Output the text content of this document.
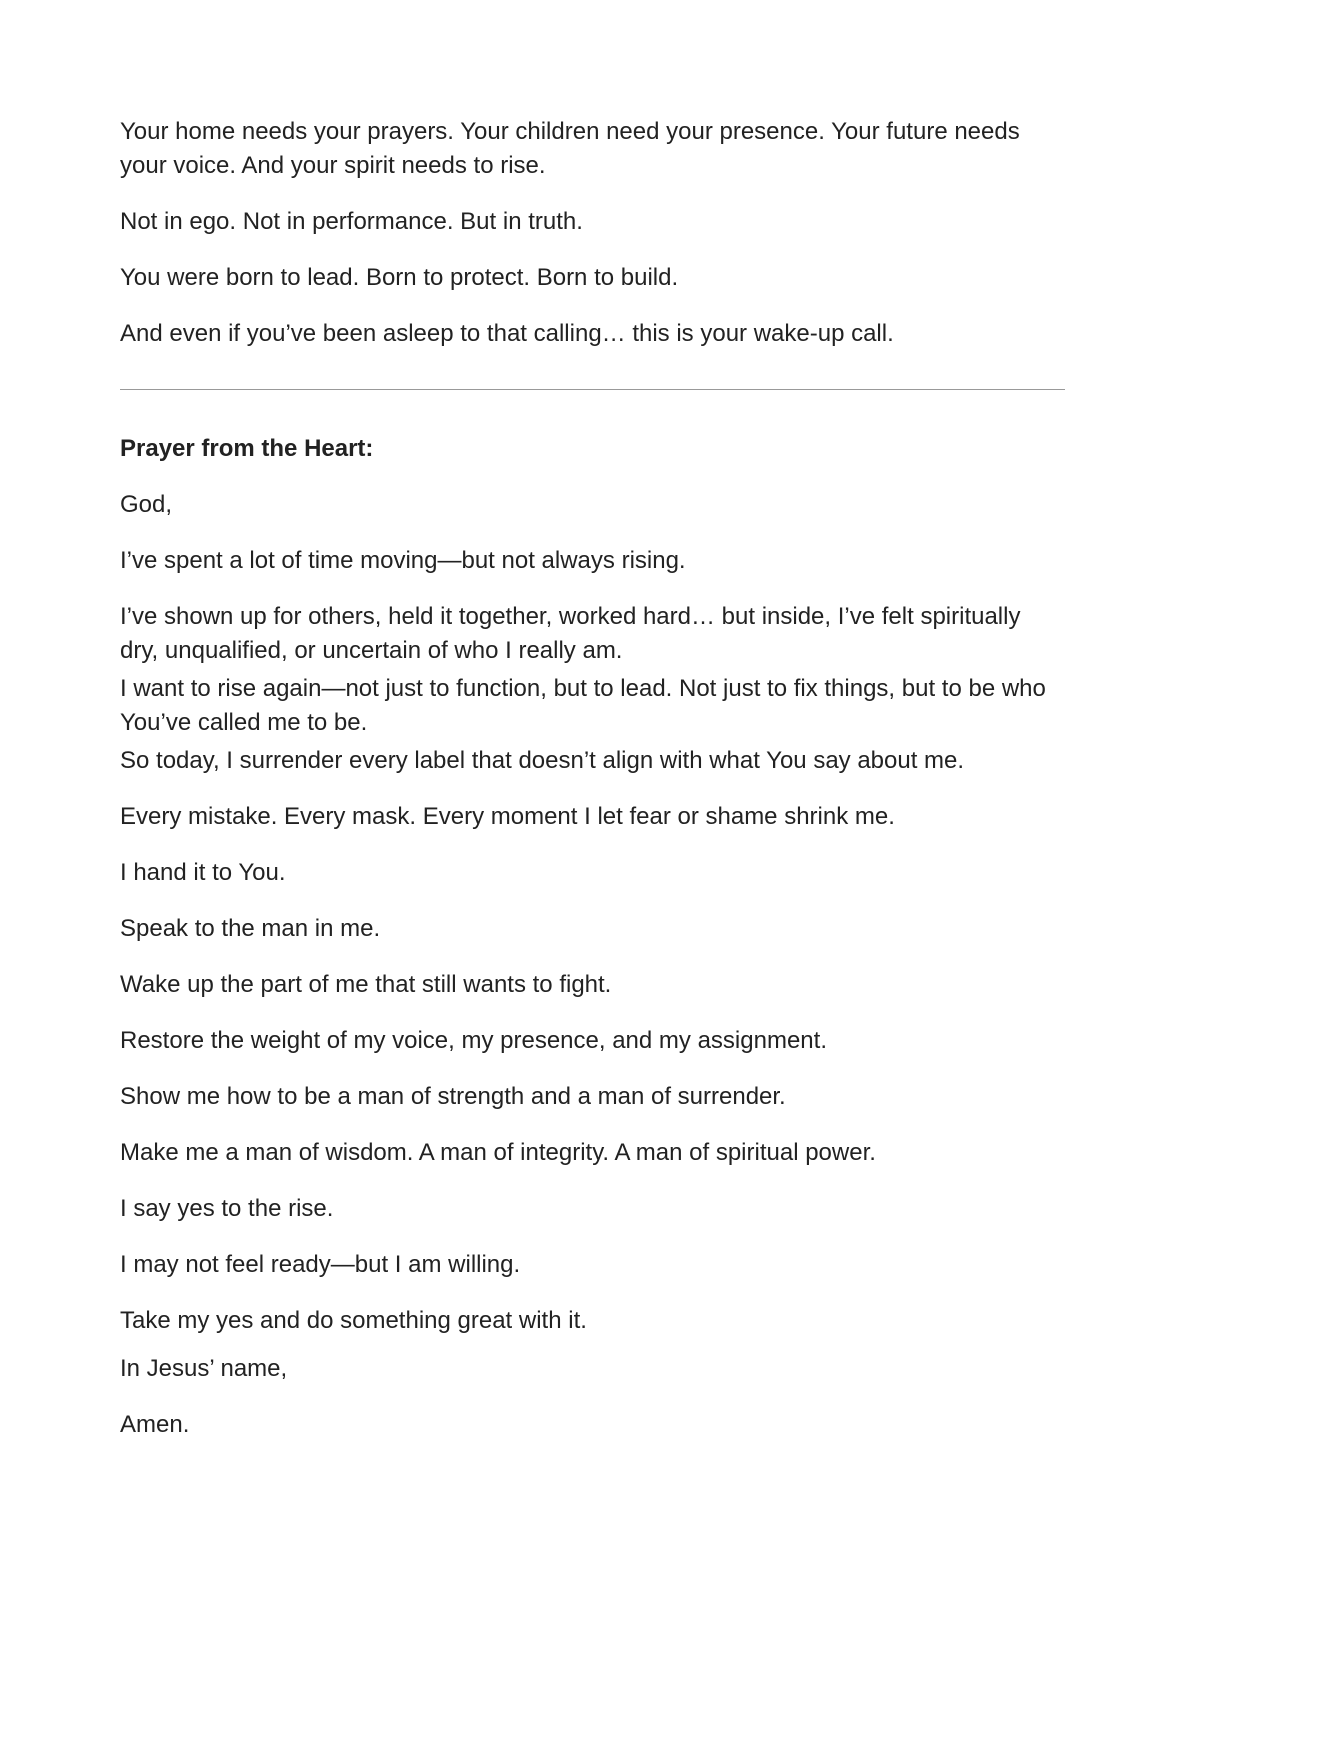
Your home needs your prayers. Your children need your presence. Your future needs your voice. And your spirit needs to rise.

Not in ego. Not in performance. But in truth.

You were born to lead. Born to protect. Born to build.

And even if you’ve been asleep to that calling… this is your wake-up call.

Prayer from the Heart:

God,

I’ve spent a lot of time moving—but not always rising.

I’ve shown up for others, held it together, worked hard… but inside, I’ve felt spiritually dry, unqualified, or uncertain of who I really am.

I want to rise again—not just to function, but to lead. Not just to fix things, but to be who You’ve called me to be.

So today, I surrender every label that doesn’t align with what You say about me.

Every mistake. Every mask. Every moment I let fear or shame shrink me.

I hand it to You.

Speak to the man in me.

Wake up the part of me that still wants to fight.

Restore the weight of my voice, my presence, and my assignment.

Show me how to be a man of strength and a man of surrender.

Make me a man of wisdom. A man of integrity. A man of spiritual power.

I say yes to the rise.

I may not feel ready—but I am willing.

Take my yes and do something great with it.

In Jesus’ name,

Amen.
